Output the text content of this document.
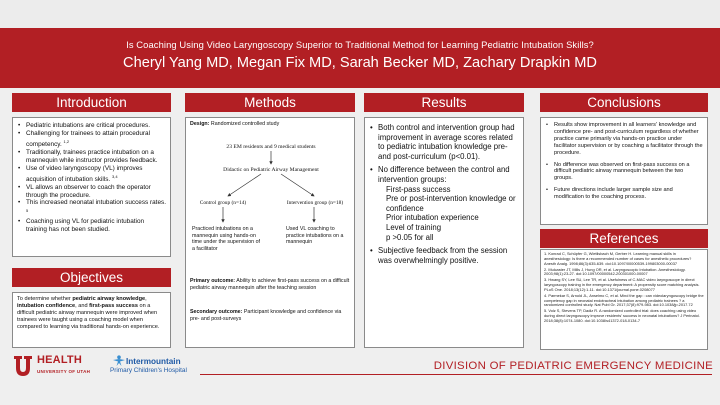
Is Coaching Using Video Laryngoscopy Superior to Traditional Method for Learning Pediatric Intubation Skills?
Cheryl Yang MD, Megan Fix MD, Sarah Becker MD, Zachary Drapkin MD
Introduction
• Pediatric intubations are critical procedures.
• Challenging for trainees to attain procedural competency. $^{1,2}$
• Traditionally, trainees practice intubation on a mannequin while instructor provides feedback.
• Use of video laryngoscopy (VL) improves acquisition of intubation skills. $^{3,4}$
• VL allows an observer to coach the operator through the procedure.
• This increased neonatal intubation success rates. $^5$
• Coaching using VL for pediatric intubation training has not been studied.
Objectives
To determine whether pediatric airway knowledge, intubation confidence, and first-pass success on a difficult pediatric airway mannequin were improved when trainees were taught using a coaching model when compared to learning via traditional hands-on experience.
Methods
Design: Randomized controlled study
23 EM residents and 9 medical students
Didactic on Pediatric Airway Management
Control group (n=14)	Intervention group (n=18)
Practiced intubations on a mannequin using hands-on time under the supervision of a facilitator
Used VL coaching to practice intubations on a mannequin
Primary outcome: Ability to achieve first-pass success on a difficult pediatric airway mannequin after the teaching session
Secondary outcome: Participant knowledge and confidence via pre- and post-surveys
Results
• Both control and intervention group had improvement in average scores related to pediatric intubation knowledge pre- and post-curriculum (p<0.01).
• No difference between the control and intervention groups:
First-pass success
Pre or post-intervention knowledge or confidence
Prior intubation experience
Level of training
p >0.05 for all
• Subjective feedback from the session was overwhelmingly positive.
Conclusions
• Results show improvement in all learners' knowledge and confidence pre- and post-curriculum regardless of whether practice came primarily via hands-on practice under facilitator supervision or by coaching a facilitator through the procedure.
• No difference was observed on first-pass success on a difficult pediatric airway mannequin between the two groups.
• Future directions include larger sample size and modification to the coaching process.
References
1. Konrad C, Schüpfer G, Wietlisbach M, Gerber H. Learning manual skills in anesthesiology: Is there a recommended number of cases for anesthetic procedures? Anesth Analg. 1998;86(3):635-639. doi:10.1097/00000539-199803000-00037
2. Mulcaster JT, Mills J, Hung OR, et al. Laryngoscopic Intubation. Anesthesiology. 2003;98(1):23-27. doi:10.1097/00000542-200301000-00007
3. Hwang SY, Lee SU, Lee TR, et al. Usefulness of C-MAC video laryngoscope in direct laryngoscopy training in the emergency department: A propensity score matching analysis. PLoS One. 2018;13(12):1-11. doi:10.1371/journal.pone.0208077
4. Parmekar S, Arnold JL, Anselmo C, et al. Mind the gap : can videolaryngoscopy bridge the competency gap in neonatal endotracheal intubation among pediatric trainees ? a randomized controlled study. Nat Publ Gr. 2017;37(8):979-983. doi:10.1038/jp.2017.72
5. Volz S, Stevens TP, Dadiz R. A randomized controlled trial: does coaching using video during direct laryngoscopy improve residents' success in neonatal intubations? J Perinatol. 2018;38(8):1074-1080. doi:10.1038/s41372-018-0134-7
HEALTH
UNIVERSITY OF UTAH
Intermountain
Primary Children's Hospital	DIVISION OF PEDIATRIC EMERGENCY MEDICINE
